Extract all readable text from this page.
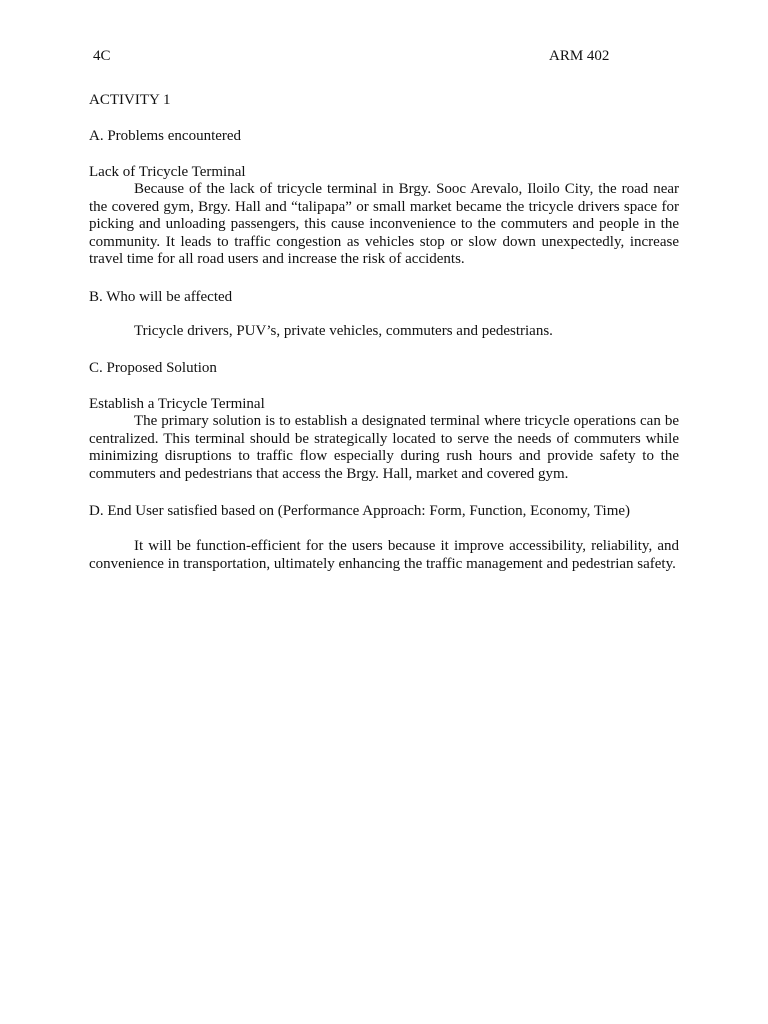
4C	ARM 402
ACTIVITY 1
A. Problems encountered
Lack of Tricycle Terminal
Because of the lack of tricycle terminal in Brgy. Sooc Arevalo, Iloilo City, the road near the covered gym, Brgy. Hall and “talipapa” or small market became the tricycle drivers space for picking and unloading passengers, this cause inconvenience to the commuters and people in the community. It leads to traffic congestion as vehicles stop or slow down unexpectedly, increase travel time for all road users and increase the risk of accidents.
B. Who will be affected
Tricycle drivers, PUV’s, private vehicles, commuters and pedestrians.
C. Proposed Solution
Establish a Tricycle Terminal
The primary solution is to establish a designated terminal where tricycle operations can be centralized. This terminal should be strategically located to serve the needs of commuters while minimizing disruptions to traffic flow especially during rush hours and provide safety to the commuters and pedestrians that access the Brgy. Hall, market and covered gym.
D. End User satisfied based on (Performance Approach: Form, Function, Economy, Time)
It will be function-efficient for the users because it improve accessibility, reliability, and convenience in transportation, ultimately enhancing the traffic management and pedestrian safety.
